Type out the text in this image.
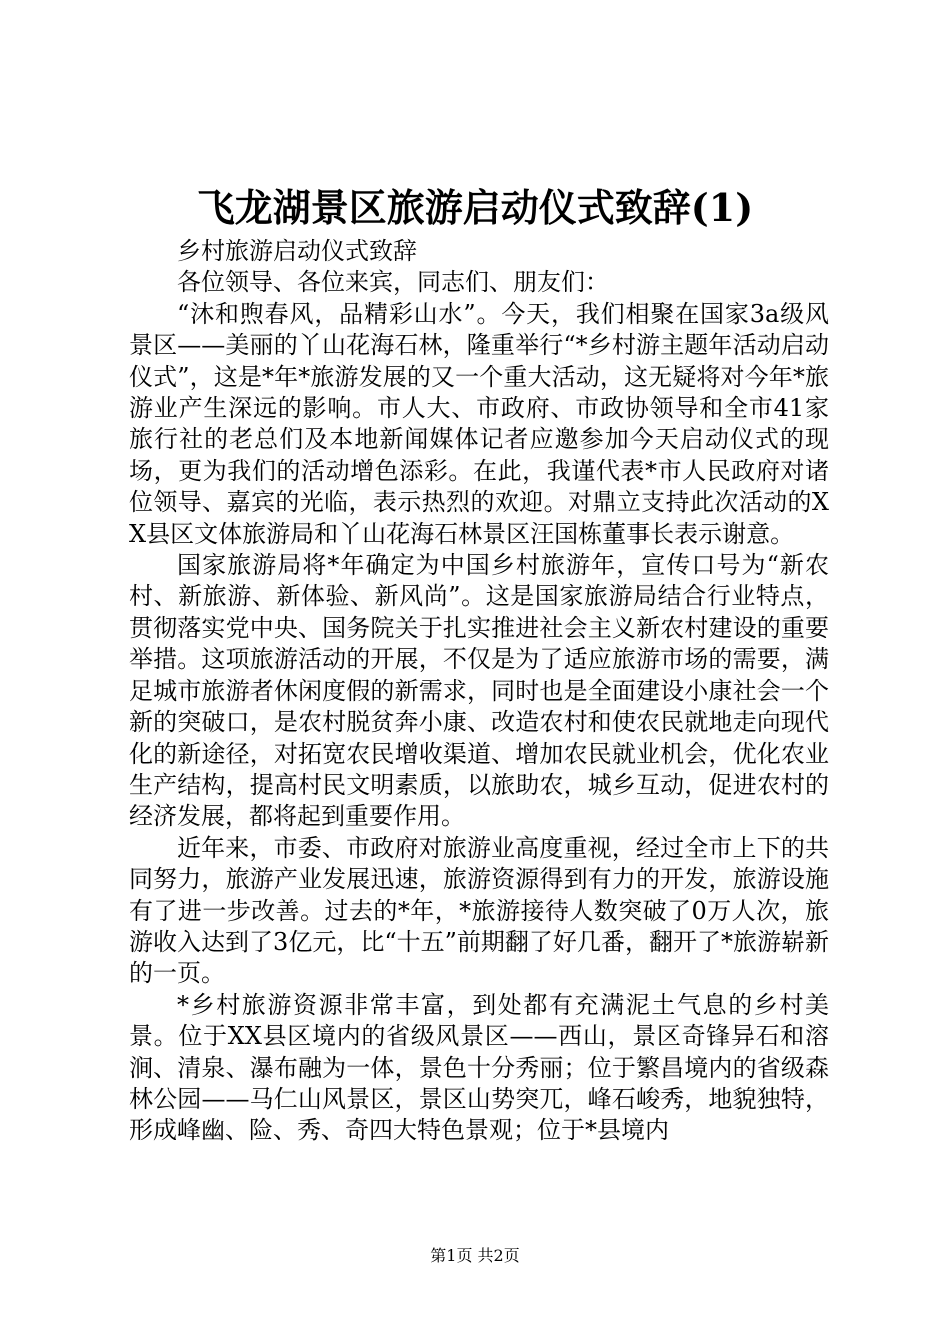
飞龙湖景区旅游启动仪式致辞(1)

乡村旅游启动仪式致辞

各位领导、各位来宾，同志们、朋友们：

“沐和煦春风，品精彩山水”。今天，我们相聚在国家3a级风景区——美丽的丫山花海石林，隆重举行“*乡村游主题年活动启动仪式”，这是*年*旅游发展的又一个重大活动，这无疑将对今年*旅游业产生深远的影响。市人大、市政府、市政协领导和全市41家旅行社的老总们及本地新闻媒体记者应邀参加今天启动仪式的现场，更为我们的活动增色添彩。在此，我谨代表*市人民政府对诸位领导、嘉宾的光临，表示热烈的欢迎。对鼎立支持此次活动的XX县区文体旅游局和丫山花海石林景区汪国栋董事长表示谢意。

国家旅游局将*年确定为中国乡村旅游年，宣传口号为“新农村、新旅游、新体验、新风尚”。这是国家旅游局结合行业特点，贯彻落实党中央、国务院关于扎实推进社会主义新农村建设的重要举措。这项旅游活动的开展，不仅是为了适应旅游市场的需要，满足城市旅游者休闲度假的新需求，同时也是全面建设小康社会一个新的突破口，是农村脱贫奔小康、改造农村和使农民就地走向现代化的新途径，对拓宽农民增收渠道、增加农民就业机会，优化农业生产结构，提高村民文明素质，以旅助农，城乡互动，促进农村的经济发展，都将起到重要作用。

近年来，市委、市政府对旅游业高度重视，经过全市上下的共同努力，旅游产业发展迅速，旅游资源得到有力的开发，旅游设施有了进一步改善。过去的*年，*旅游接待人数突破了0万人次，旅游收入达到了3亿元，比“十五”前期翻了好几番，翻开了*旅游崭新的一页。

*乡村旅游资源非常丰富，到处都有充满泥土气息的乡村美景。位于XX县区境内的省级风景区——西山，景区奇锋异石和溶涧、清泉、瀑布融为一体，景色十分秀丽；位于繁昌境内的省级森林公园——马仁山风景区，景区山势突兀，峰石峻秀，地貌独特，形成峰幽、险、秀、奇四大特色景观；位于*县境内

第1页 共2页
